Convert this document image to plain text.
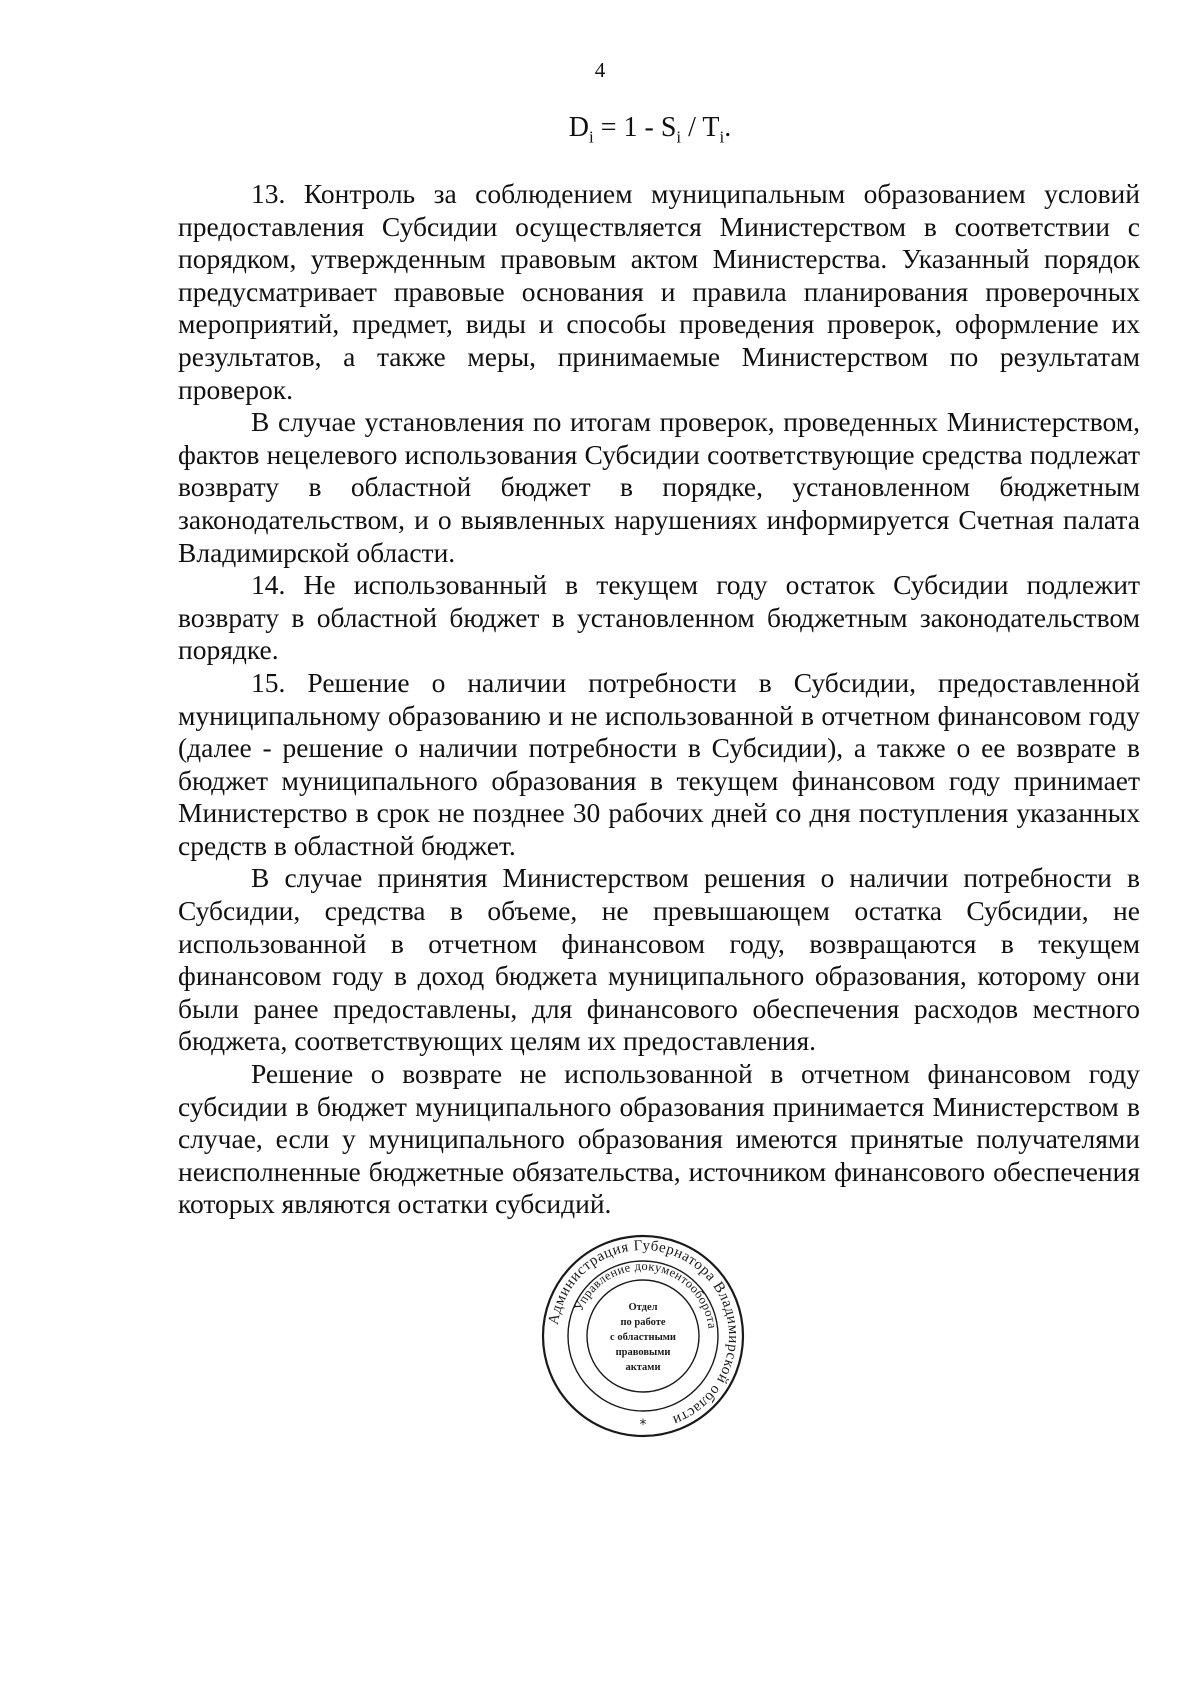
4
$D_i = 1 - S_i / T_i$.

13. Контроль за соблюдением муниципальным образованием условий предоставления Субсидии осуществляется Министерством в соответствии с порядком, утвержденным правовым актом Министерства. Указанный порядок предусматривает правовые основания и правила планирования проверочных мероприятий, предмет, виды и способы проведения проверок, оформление их результатов, а также меры, принимаемые Министерством по результатам проверок.

В случае установления по итогам проверок, проведенных Министерством, фактов нецелевого использования Субсидии соответствующие средства подлежат возврату в областной бюджет в порядке, установленном бюджетным законодательством, и о выявленных нарушениях информируется Счетная палата Владимирской области.

14. Не использованный в текущем году остаток Субсидии подлежит возврату в областной бюджет в установленном бюджетным законодательством порядке.

15. Решение о наличии потребности в Субсидии, предоставленной муниципальному образованию и не использованной в отчетном финансовом году (далее - решение о наличии потребности в Субсидии), а также о ее возврате в бюджет муниципального образования в текущем финансовом году принимает Министерство в срок не позднее 30 рабочих дней со дня поступления указанных средств в областной бюджет.

В случае принятия Министерством решения о наличии потребности в Субсидии, средства в объеме, не превышающем остатка Субсидии, не использованной в отчетном финансовом году, возвращаются в текущем финансовом году в доход бюджета муниципального образования, которому они были ранее предоставлены, для финансового обеспечения расходов местного бюджета, соответствующих целям их предоставления.

Решение о возврате не использованной в отчетном финансовом году субсидии в бюджет муниципального образования принимается Министерством в случае, если у муниципального образования имеются принятые получателями неисполненные бюджетные обязательства, источником финансового обеспечения которых являются остатки субсидий.

Администрация Губернатора Владимирской области
Управление документооборота
Отдел
по работе
с областными
правовыми
актами
*
